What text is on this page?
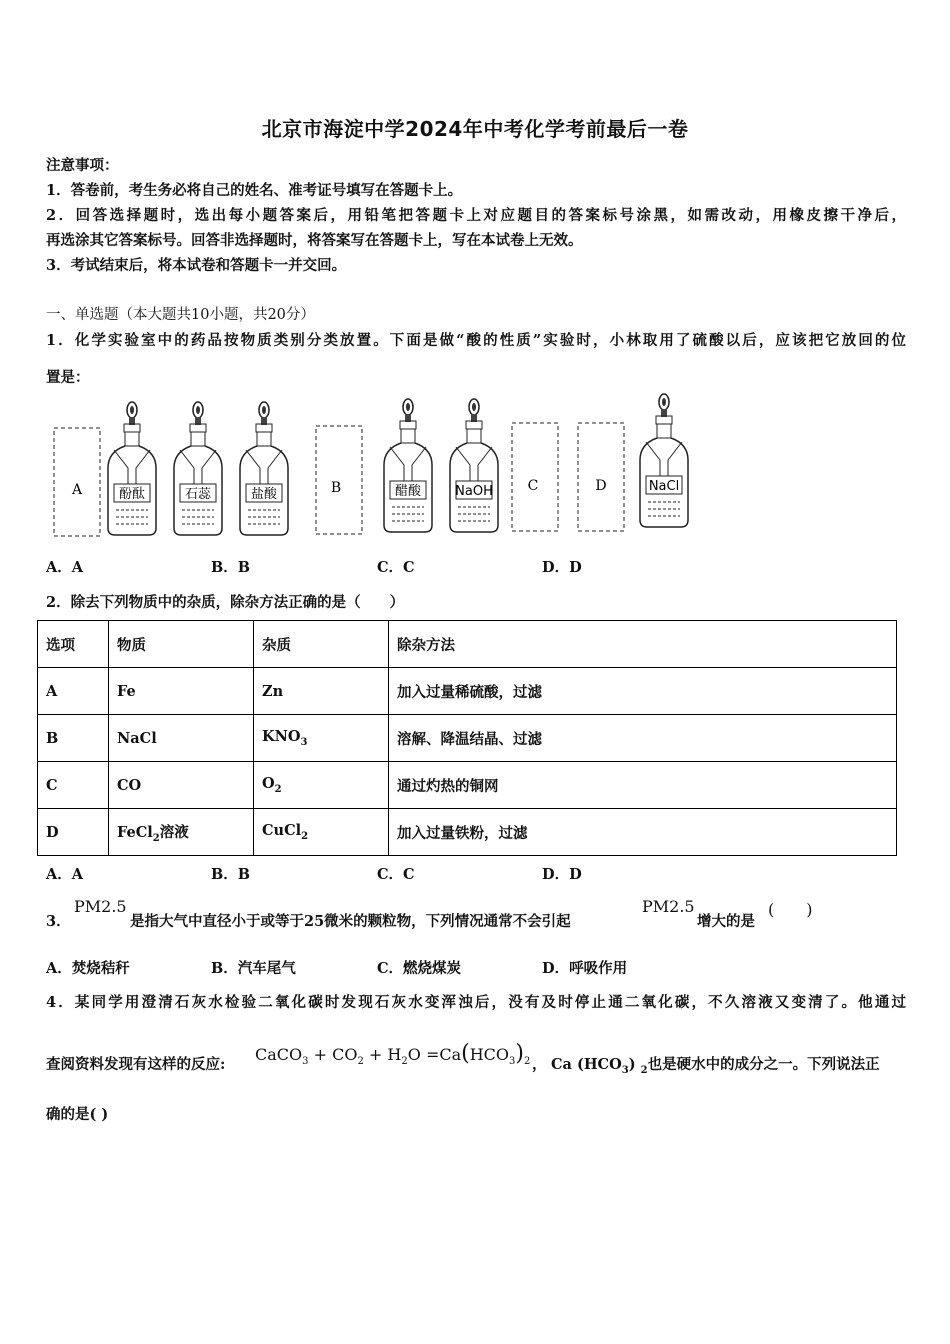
北京市海淀中学2024年中考化学考前最后一卷
注意事项：
1．答卷前，考生务必将自己的姓名、准考证号填写在答题卡上。
2．回答选择题时，选出每小题答案后，用铅笔把答题卡上对应题目的答案标号涂黑，如需改动，用橡皮擦干净后，
再选涂其它答案标号。回答非选择题时，将答案写在答题卡上，写在本试卷上无效。
3．考试结束后，将本试卷和答题卡一并交回。
一、单选题（本大题共10小题，共20分）
1．化学实验室中的药品按物质类别分类放置。下面是做“酸的性质”实验时，小林取用了硫酸以后，应该把它放回的位
置是：
A	酚酞	石蕊	盐酸	B	醋酸	NaOH C	D	NaCl
A．A	B．B	C．C	D．D
2．除去下列物质中的杂质，除杂方法正确的是（　　）
选项	物质	杂质	除杂方法
A	Fe	Zn	加入过量稀硫酸，过滤
B	NaCl	$KNO_3$	溶解、降温结晶、过滤
C	CO	$O_2$	通过灼热的铜网
D	FeCl$_2$溶液	CuCl$_2$	加入过量铁粉，过滤
A．A	B．B	C．C	D．D
3．
PM2.5
是指大气中直径小于或等于25微米的颗粒物，下列情况通常不会引起
PM2.5
增大的是
(　　)
A．焚烧秸秆	B．汽车尾气	C．燃烧煤炭	D．呼吸作用
4．某同学用澄清石灰水检验二氧化碳时发现石灰水变浑浊后，没有及时停止通二氧化碳，不久溶液又变清了。他通过
查阅资料发现有这样的反应:
CaCO$_3$ + $CO_2 + H_2O =Ca(HCO_3)_2$ ， Ca $(HCO_3)$ $_2$也是硬水中的成分之一。下列说法正
确的是( )
